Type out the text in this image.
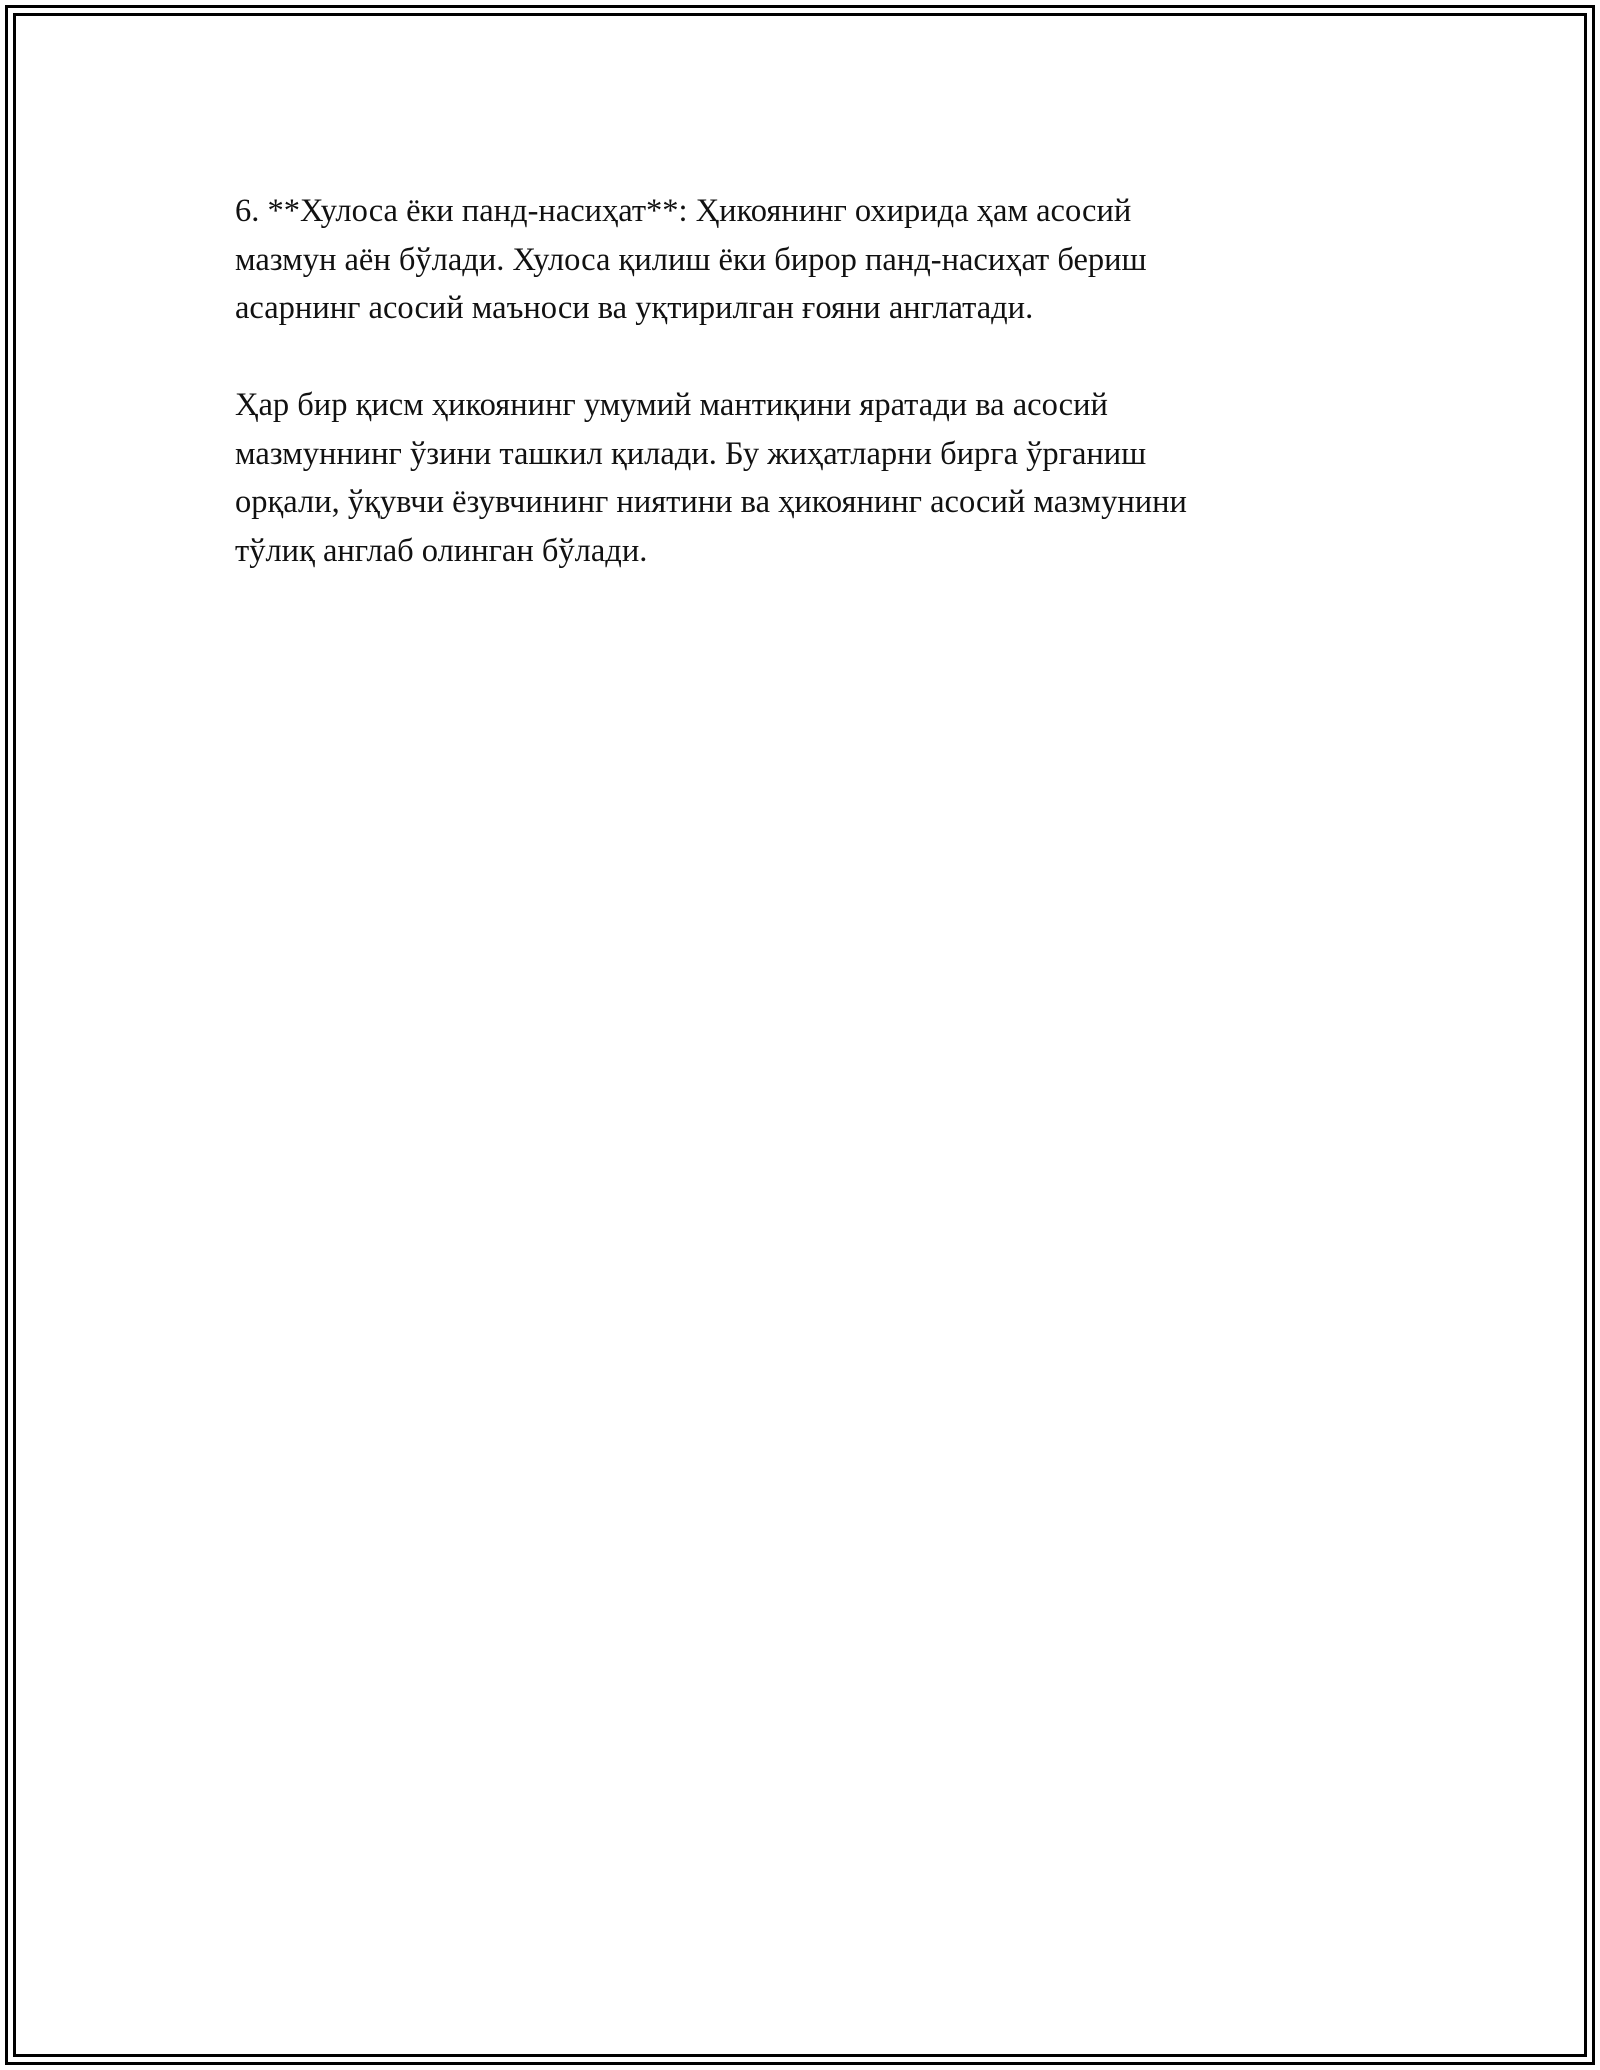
6. **Хулоса ёки панд-насиҳат**: Ҳикоянинг охирида ҳам асосий
мазмун аён бўлади. Хулоса қилиш ёки бирор панд-насиҳат бериш
асарнинг асосий маъноси ва уқтирилган ғояни англатади.

Ҳар бир қисм ҳикоянинг умумий мантиқини яратади ва асосий
мазмуннинг ўзини ташкил қилади. Бу жиҳатларни бирга ўрганиш
орқали, ўқувчи ёзувчининг ниятини ва ҳикоянинг асосий мазмунини
тўлиқ англаб олинган бўлади.
